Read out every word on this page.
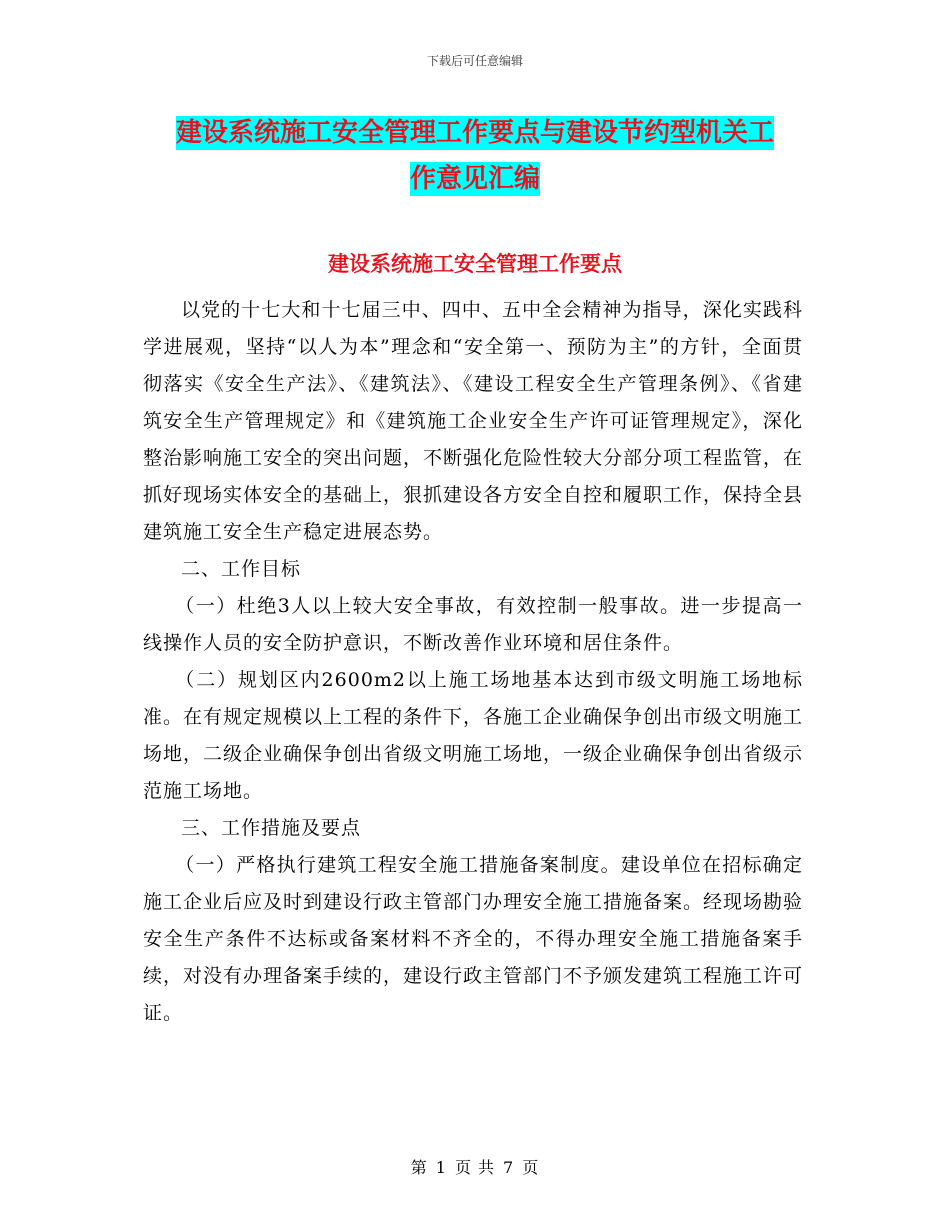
下载后可任意编辑
建设系统施工安全管理工作要点与建设节约型机关工
作意见汇编
建设系统施工安全管理工作要点

以党的十七大和十七届三中、四中、五中全会精神为指导，深化实践科学进展观，坚持“以人为本”理念和“安全第一、预防为主”的方针，全面贯彻落实《安全生产法》、《建筑法》、《建设工程安全生产管理条例》、《省建筑安全生产管理规定》和《建筑施工企业安全生产许可证管理规定》，深化整治影响施工安全的突出问题，不断强化危险性较大分部分项工程监管，在抓好现场实体安全的基础上，狠抓建设各方安全自控和履职工作，保持全县建筑施工安全生产稳定进展态势。

二、工作目标

（一）杜绝3人以上较大安全事故，有效控制一般事故。进一步提高一线操作人员的安全防护意识，不断改善作业环境和居住条件。

（二）规划区内2600m2以上施工场地基本达到市级文明施工场地标准。在有规定规模以上工程的条件下，各施工企业确保争创出市级文明施工场地，二级企业确保争创出省级文明施工场地，一级企业确保争创出省级示范施工场地。

三、工作措施及要点

（一）严格执行建筑工程安全施工措施备案制度。建设单位在招标确定施工企业后应及时到建设行政主管部门办理安全施工措施备案。经现场勘验安全生产条件不达标或备案材料不齐全的，不得办理安全施工措施备案手续，对没有办理备案手续的，建设行政主管部门不予颁发建筑工程施工许可证。

第 1 页 共 7 页
